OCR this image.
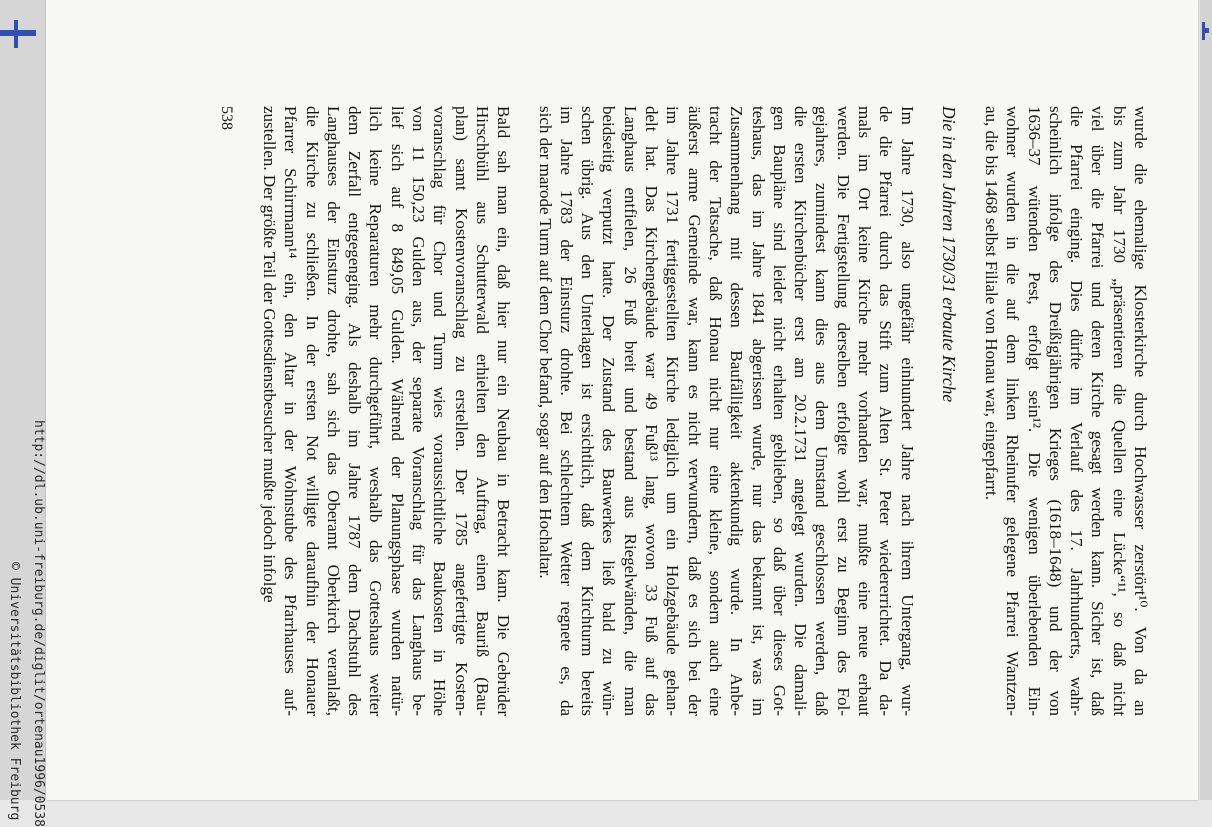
wurde die ehemalige Klosterkirche durch Hochwasser zerstört¹⁰. Von da an
bis zum Jahr 1730 „präsentieren die Quellen eine Lücke“¹¹, so daß nicht
viel über die Pfarrei und deren Kirche gesagt werden kann. Sicher ist, daß
die Pfarrei einging. Dies dürfte im Verlauf des 17. Jahrhunderts, wahr-
scheinlich infolge des Dreißigjährigen Krieges (1618–1648) und der von
1636–37 wütenden Pest, erfolgt sein¹². Die wenigen überlebenden Ein-
wohner wurden in die auf dem linken Rheinufer gelegene Pfarrei Wantzen-
au, die bis 1468 selbst Filiale von Honau war, eingepfarrt.
Die in den Jahren 1730/31 erbaute Kirche
Im Jahre 1730, also ungefähr einhundert Jahre nach ihrem Untergang, wur-
de die Pfarrei durch das Stift zum Alten St. Peter wiedererrichtet. Da da-
mals im Ort keine Kirche mehr vorhanden war, mußte eine neue erbaut
werden. Die Fertigstellung derselben erfolgte wohl erst zu Beginn des Fol-
gejahres, zumindest kann dies aus dem Umstand geschlossen werden, daß
die ersten Kirchenbücher erst am 20.2.1731 angelegt wurden. Die damali-
gen Baupläne sind leider nicht erhalten geblieben, so daß über dieses Got-
teshaus, das im Jahre 1841 abgerissen wurde, nur das bekannt ist, was im
Zusammenhang mit dessen Baufälligkeit aktenkundig wurde. In Anbe-
tracht der Tatsache, daß Honau nicht nur eine kleine, sondern auch eine
äußerst arme Gemeinde war, kann es nicht verwundern, daß es sich bei der
im Jahre 1731 fertiggestellten Kirche lediglich um ein Holzgebäude gehan-
delt hat. Das Kirchengebäude war 49 Fuß¹³ lang, wovon 33 Fuß auf das
Langhaus entfielen, 26 Fuß breit und bestand aus Riegelwänden, die man
beidseitig verputzt hatte. Der Zustand des Bauwerkes ließ bald zu wün-
schen übrig. Aus den Unterlagen ist ersichtlich, daß dem Kirchturm bereits
im Jahre 1783 der Einsturz drohte. Bei schlechtem Wetter regnete es, da
sich der marode Turm auf dem Chor befand, sogar auf den Hochaltar.
Bald sah man ein, daß hier nur ein Neubau in Betracht kam. Die Gebrüder
Hirschbühl aus Schutterwald erhielten den Auftrag, einen Bauriß (Bau-
plan) samt Kostenvoranschlag zu erstellen. Der 1785 angefertigte Kosten-
voranschlag für Chor und Turm wies voraussichtliche Baukosten in Höhe
von 11 150,23 Gulden aus, der separate Voranschlag für das Langhaus be-
lief sich auf 8 849,05 Gulden. Während der Planungsphase wurden natür-
lich keine Reparaturen mehr durchgeführt, weshalb das Gotteshaus weiter
dem Zerfall entgegenging. Als deshalb im Jahre 1787 dem Dachstuhl des
Langhauses der Einsturz drohte, sah sich das Oberamt Oberkirch veranlaßt,
die Kirche zu schließen. In der ersten Not willigte daraufhin der Honauer
Pfarrer Schirrmann¹⁴ ein, den Altar in der Wohnstube des Pfarrhauses auf-
zustellen. Der größte Teil der Gottesdienstbesucher mußte jedoch infolge
538
http://dl.ub.uni-freiburg.de/diglit/ortenau1996/0538
© Universitätsbibliothek Freiburg
